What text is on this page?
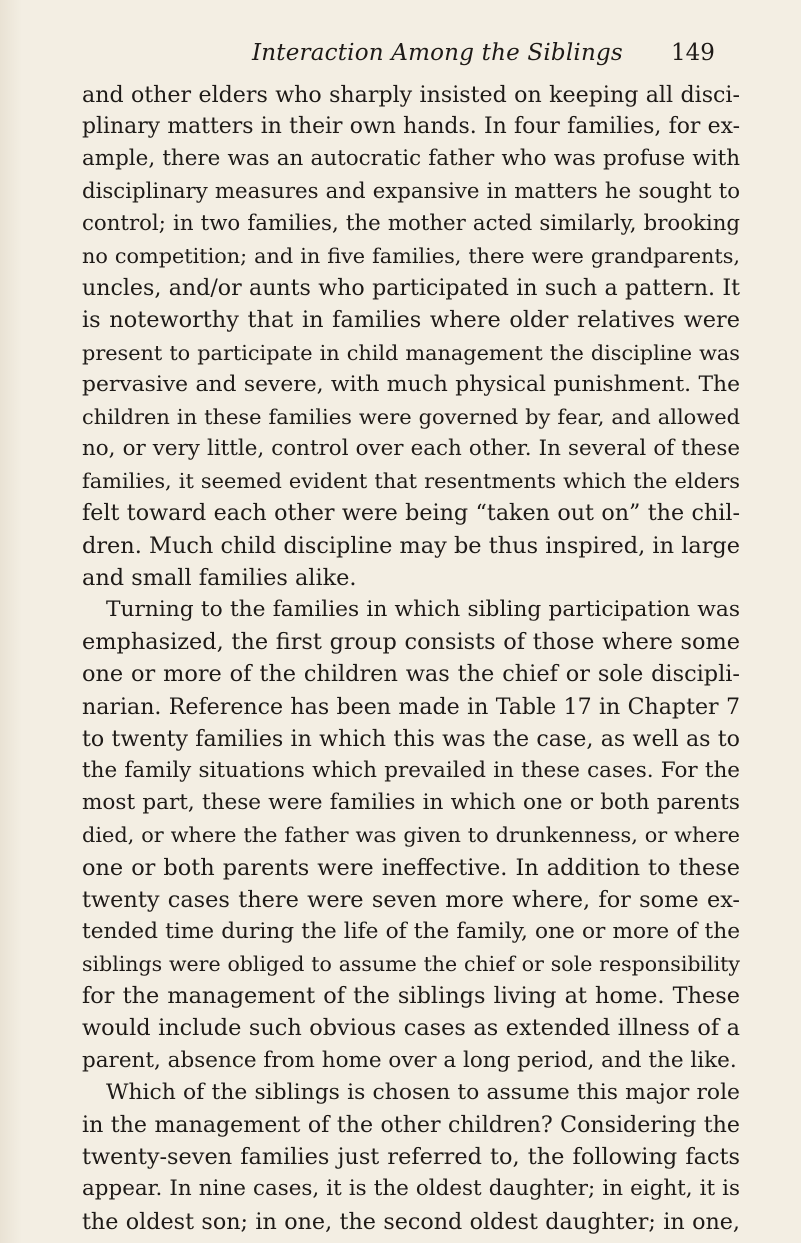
Interaction Among the Siblings 149
and other elders who sharply insisted on keeping all disci-
plinary matters in their own hands. In four families, for ex-
ample, there was an autocratic father who was profuse with
disciplinary measures and expansive in matters he sought to
control; in two families, the mother acted similarly, brooking
no competition; and in five families, there were grandparents,
uncles, and/or aunts who participated in such a pattern. It
is noteworthy that in families where older relatives were
present to participate in child management the discipline was
pervasive and severe, with much physical punishment. The
children in these families were governed by fear, and allowed
no, or very little, control over each other. In several of these
families, it seemed evident that resentments which the elders
felt toward each other were being “taken out on” the chil-
dren. Much child discipline may be thus inspired, in large
and small families alike.
Turning to the families in which sibling participation was
emphasized, the first group consists of those where some
one or more of the children was the chief or sole discipli-
narian. Reference has been made in Table 17 in Chapter 7
to twenty families in which this was the case, as well as to
the family situations which prevailed in these cases. For the
most part, these were families in which one or both parents
died, or where the father was given to drunkenness, or where
one or both parents were ineffective. In addition to these
twenty cases there were seven more where, for some ex-
tended time during the life of the family, one or more of the
siblings were obliged to assume the chief or sole responsibility
for the management of the siblings living at home. These
would include such obvious cases as extended illness of a
parent, absence from home over a long period, and the like.
Which of the siblings is chosen to assume this major role
in the management of the other children? Considering the
twenty-seven families just referred to, the following facts
appear. In nine cases, it is the oldest daughter; in eight, it is
the oldest son; in one, the second oldest daughter; in one,
